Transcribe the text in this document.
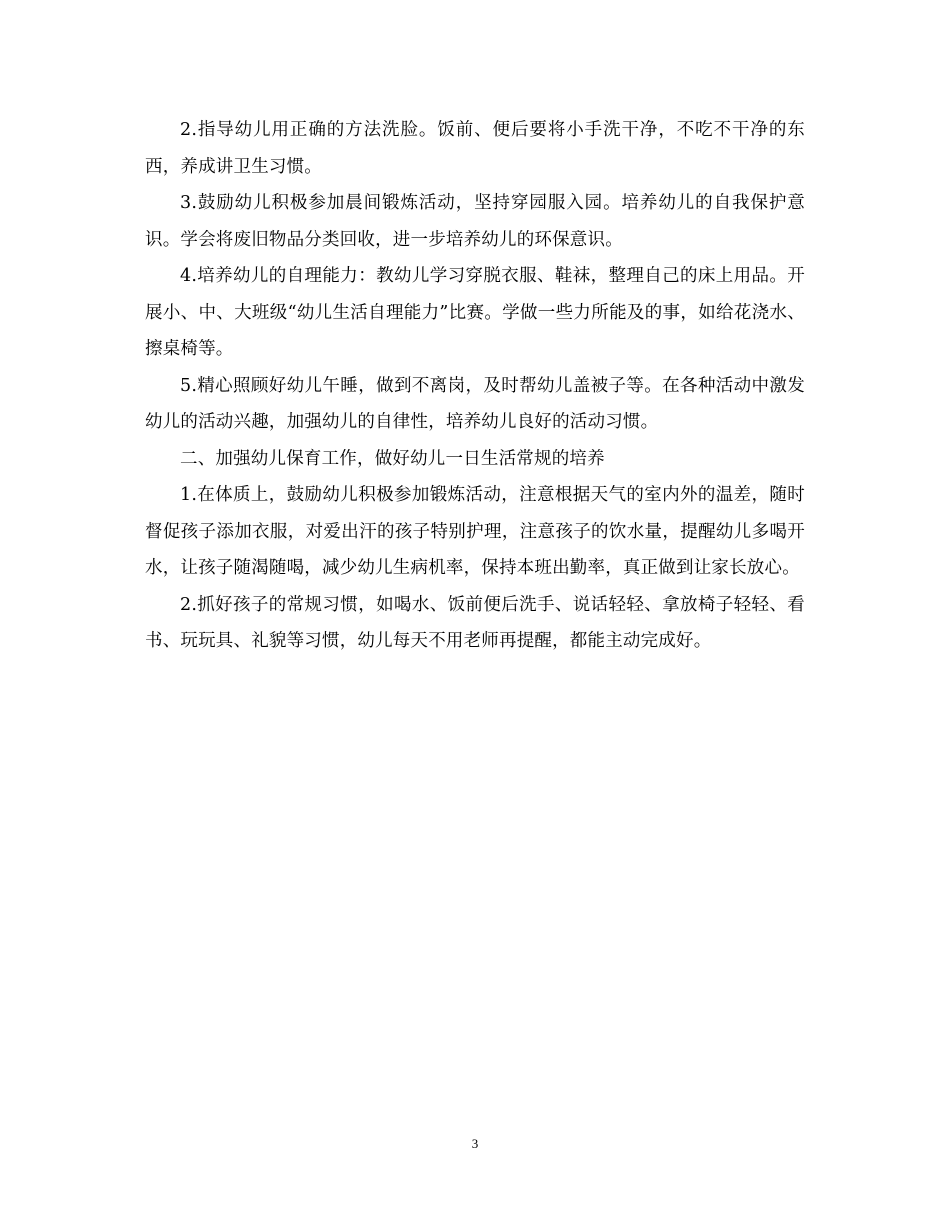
2.指导幼儿用正确的方法洗脸。饭前、便后要将小手洗干净，不吃不干净的东西，养成讲卫生习惯。

3.鼓励幼儿积极参加晨间锻炼活动，坚持穿园服入园。培养幼儿的自我保护意识。学会将废旧物品分类回收，进一步培养幼儿的环保意识。

4.培养幼儿的自理能力：教幼儿学习穿脱衣服、鞋袜，整理自己的床上用品。开展小、中、大班级“幼儿生活自理能力”比赛。学做一些力所能及的事，如给花浇水、擦桌椅等。

5.精心照顾好幼儿午睡，做到不离岗，及时帮幼儿盖被子等。在各种活动中激发幼儿的活动兴趣，加强幼儿的自律性，培养幼儿良好的活动习惯。

二、加强幼儿保育工作，做好幼儿一日生活常规的培养

1.在体质上，鼓励幼儿积极参加锻炼活动，注意根据天气的室内外的温差，随时督促孩子添加衣服，对爱出汗的孩子特别护理，注意孩子的饮水量，提醒幼儿多喝开水，让孩子随渴随喝，减少幼儿生病机率，保持本班出勤率，真正做到让家长放心。

2.抓好孩子的常规习惯，如喝水、饭前便后洗手、说话轻轻、拿放椅子轻轻、看书、玩玩具、礼貌等习惯，幼儿每天不用老师再提醒，都能主动完成好。

3
